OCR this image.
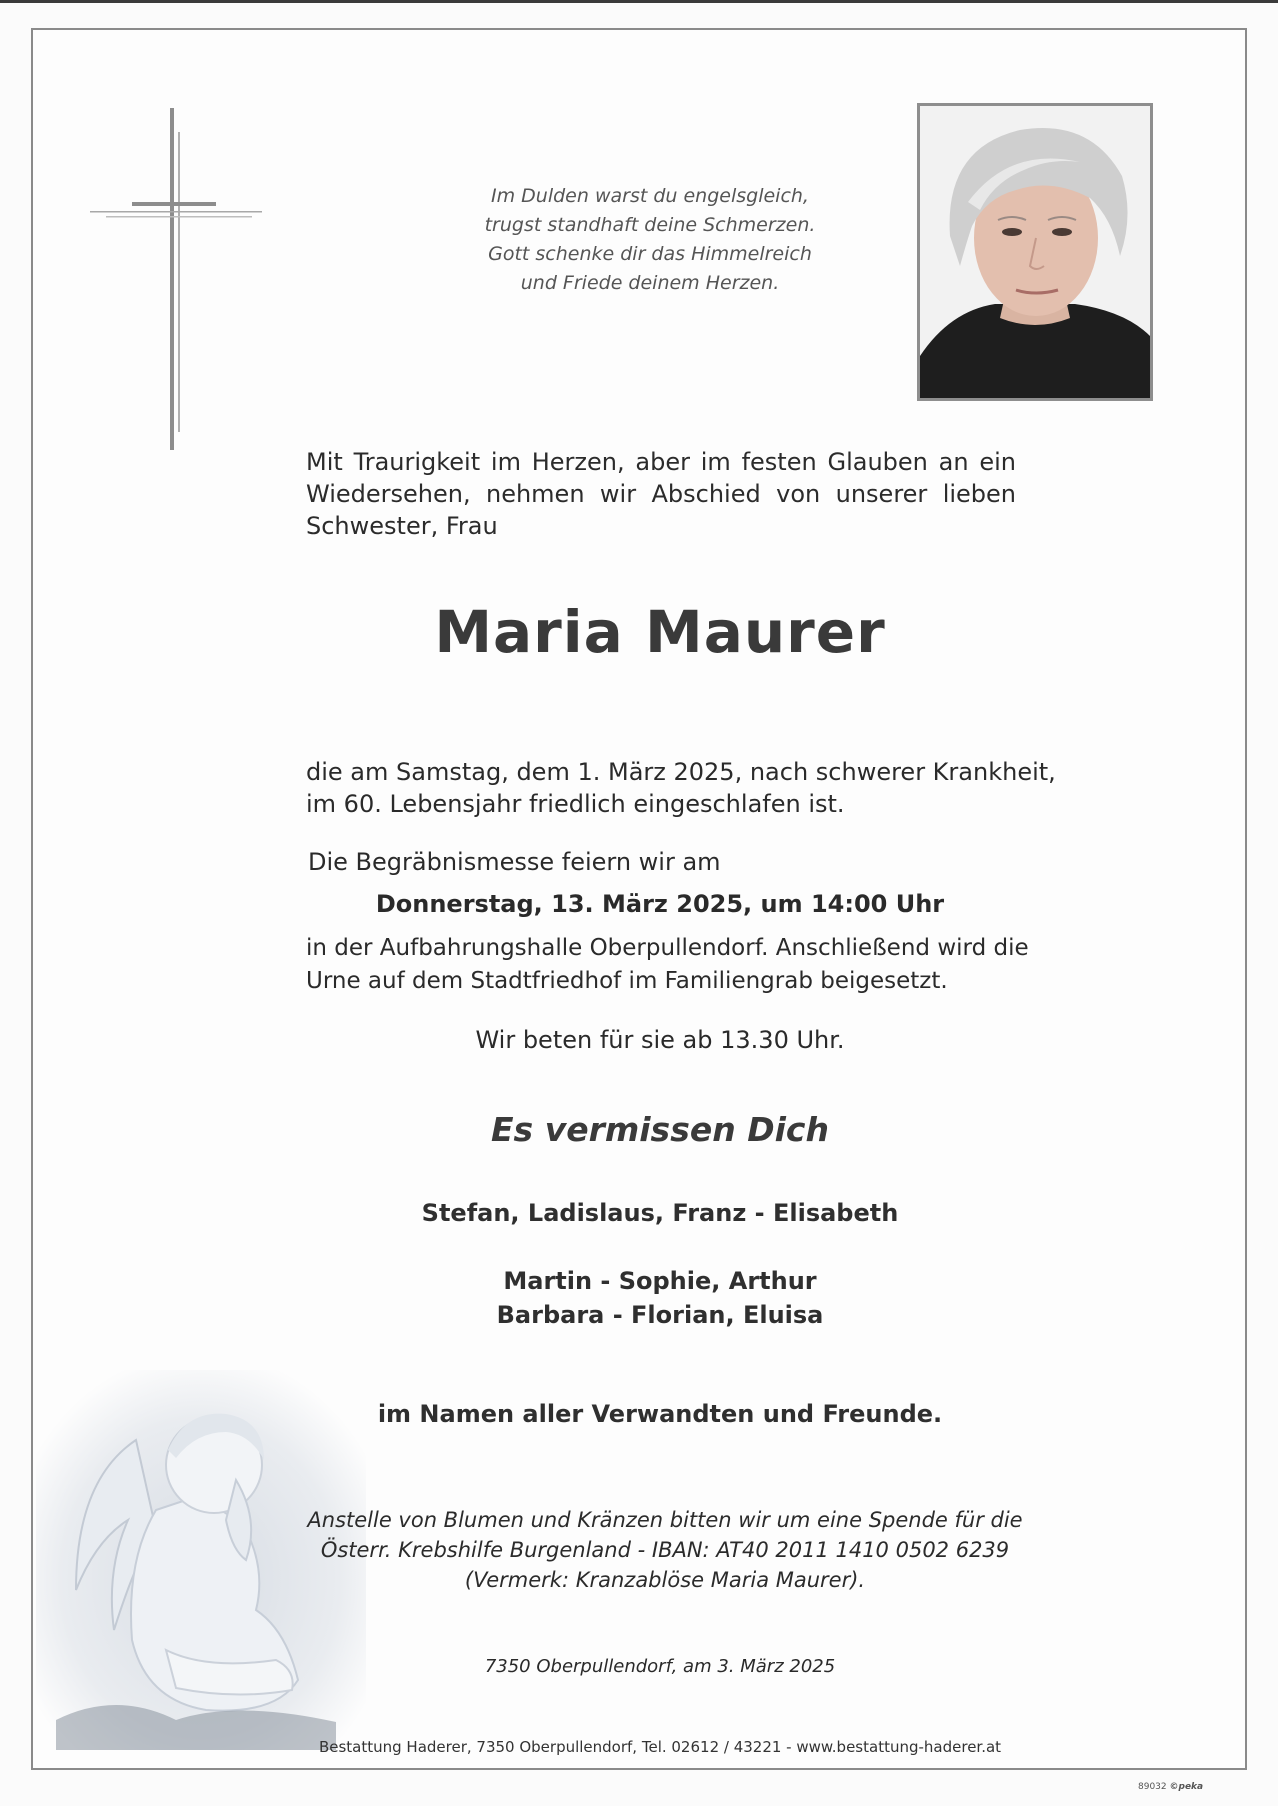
Im Dulden warst du engelsgleich,
trugst standhaft deine Schmerzen.
Gott schenke dir das Himmelreich
und Friede deinem Herzen.
Mit Traurigkeit im Herzen, aber im festen Glauben an ein
Wiedersehen, nehmen wir Abschied von unserer lieben
Schwester, Frau
Maria Maurer
die am Samstag, dem 1. März 2025, nach schwerer Krankheit,
im 60. Lebensjahr friedlich eingeschlafen ist.
Die Begräbnismesse feiern wir am
Donnerstag, 13. März 2025, um 14:00 Uhr
in der Aufbahrungshalle Oberpullendorf. Anschließend wird die
Urne auf dem Stadtfriedhof im Familiengrab beigesetzt.
Wir beten für sie ab 13.30 Uhr.
Es vermissen Dich
Stefan, Ladislaus, Franz - Elisabeth
Martin - Sophie, Arthur
Barbara - Florian, Eluisa
im Namen aller Verwandten und Freunde.
Anstelle von Blumen und Kränzen bitten wir um eine Spende für die
Österr. Krebshilfe Burgenland - IBAN: AT40 2011 1410 0502 6239
(Vermerk: Kranzablöse Maria Maurer).
7350 Oberpullendorf, am 3. März 2025
Bestattung Haderer, 7350 Oberpullendorf, Tel. 02612 / 43221 - www.bestattung-haderer.at
89032 ©peka
